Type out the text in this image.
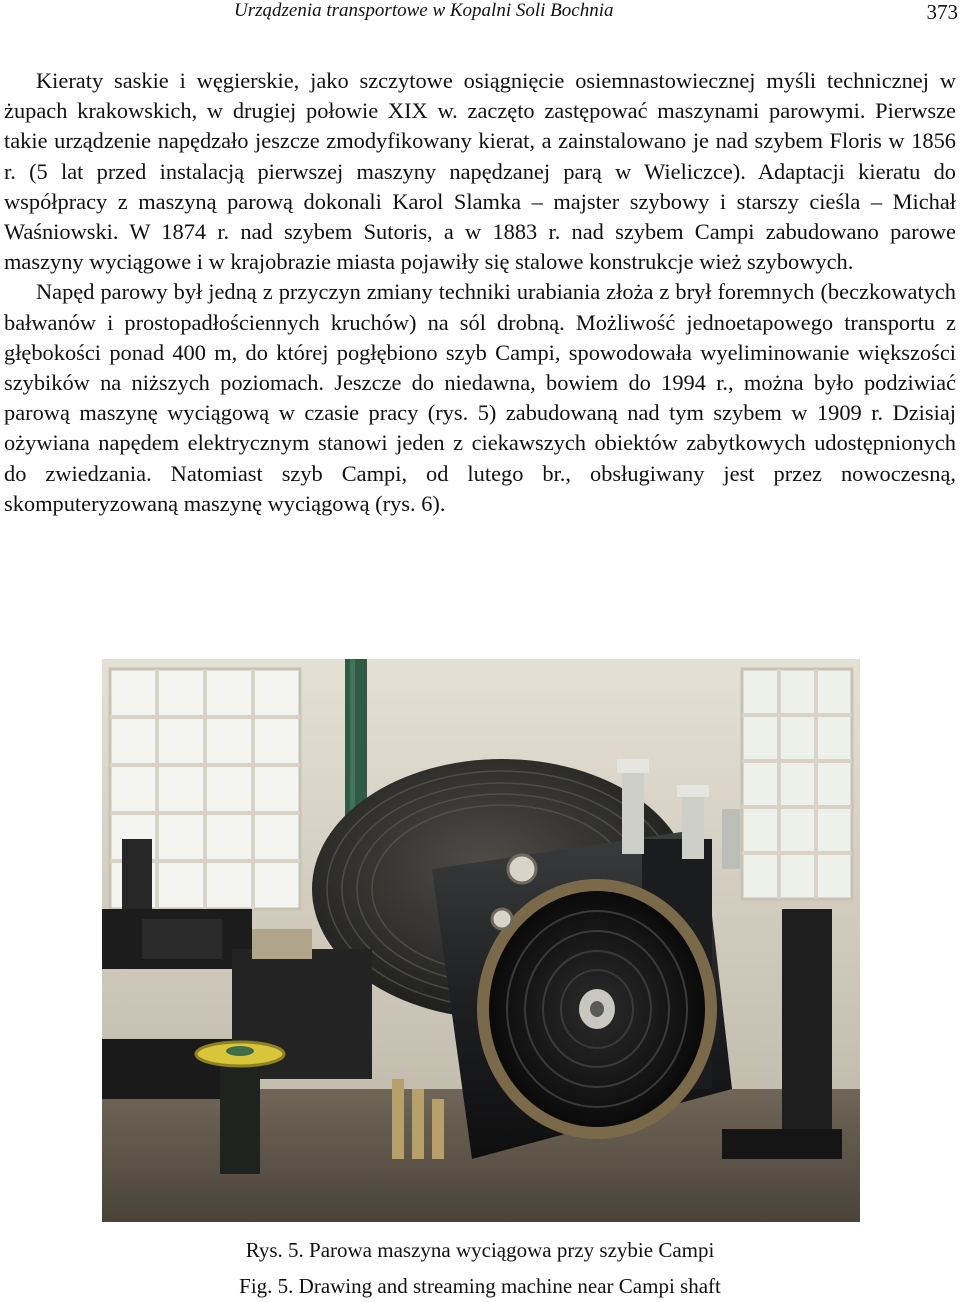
Urządzenia transportowe w Kopalni Soli Bochnia	373

Kieraty saskie i węgierskie, jako szczytowe osiągnięcie osiemnastowiecznej myśli technicznej w żupach krakowskich, w drugiej połowie XIX w. zaczęto zastępować maszynami parowymi. Pierwsze takie urządzenie napędzało jeszcze zmodyfikowany kierat, a zainstalowano je nad szybem Floris w 1856 r. (5 lat przed instalacją pierwszej maszyny napędzanej parą w Wieliczce). Adaptacji kieratu do współpracy z maszyną parową dokonali Karol Slamka – majster szybowy i starszy cieśla – Michał Waśniowski. W 1874 r. nad szybem Sutoris, a w 1883 r. nad szybem Campi zabudowano parowe maszyny wyciągowe i w krajobrazie miasta pojawiły się stalowe konstrukcje wież szybowych.

Napęd parowy był jedną z przyczyn zmiany techniki urabiania złoża z brył foremnych (beczkowatych bałwanów i prostopadłościennych kruchów) na sól drobną. Możliwość jednoetapowego transportu z głębokości ponad 400 m, do której pogłębiono szyb Campi, spowodowała wyeliminowanie większości szybików na niższych poziomach. Jeszcze do niedawna, bowiem do 1994 r., można było podziwiać parową maszynę wyciągową w czasie pracy (rys. 5) zabudowaną nad tym szybem w 1909 r. Dzisiaj ożywiana napędem elektrycznym stanowi jeden z ciekawszych obiektów zabytkowych udostępnionych do zwiedzania. Natomiast szyb Campi, od lutego br., obsługiwany jest przez nowoczesną, skomputeryzowaną maszynę wyciągową (rys. 6).

Rys. 5. Parowa maszyna wyciągowa przy szybie Campi
Fig. 5. Drawing and streaming machine near Campi shaft
